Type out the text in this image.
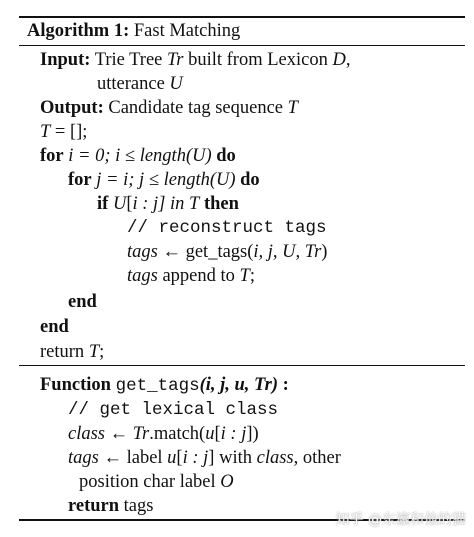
Algorithm 1: Fast Matching
Input: Trie Tree Tr built from Lexicon D,
utterance U
Output: Candidate tag sequence T
T = [];
for i = 0; i ≤ length(U) do
for j = i; j ≤ length(U) do
if U[i : j] in T then
// reconstruct tags
tags ← get_tags(i, j, U, Tr)
tags append to T;
end
end
return T;
Function get_tags(i, j, u, Tr) :
// get lexical class
class ← Tr.match(u[i : j])
tags ← label u[i : j] with class, other
position char label O
return tags
知乎 @东瀛和他的猫
